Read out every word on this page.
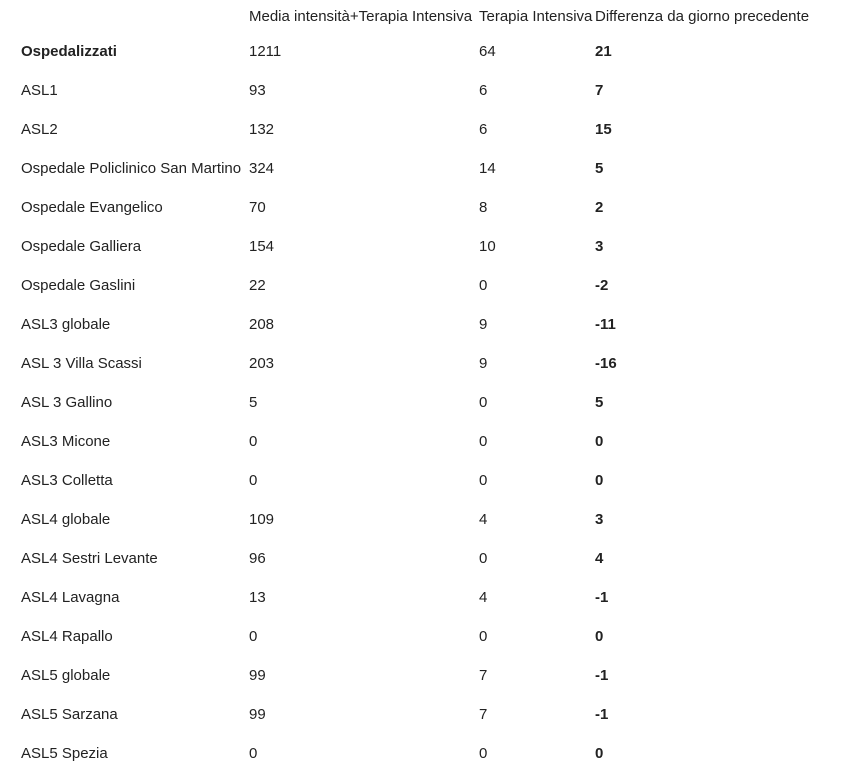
	Media intensità+Terapia Intensiva	Terapia Intensiva	Differenza da giorno precedente
Ospedalizzati	1211	64	21
ASL1	93	6	7
ASL2	132	6	15
Ospedale Policlinico San Martino	324	14	5
Ospedale Evangelico	70	8	2
Ospedale Galliera	154	10	3
Ospedale Gaslini	22	0	-2
ASL3 globale	208	9	-11
ASL 3 Villa Scassi	203	9	-16
ASL 3 Gallino	5	0	5
ASL3 Micone	0	0	0
ASL3 Colletta	0	0	0
ASL4 globale	109	4	3
ASL4 Sestri Levante	96	0	4
ASL4 Lavagna	13	4	-1
ASL4 Rapallo	0	0	0
ASL5 globale	99	7	-1
ASL5 Sarzana	99	7	-1
ASL5 Spezia	0	0	0
